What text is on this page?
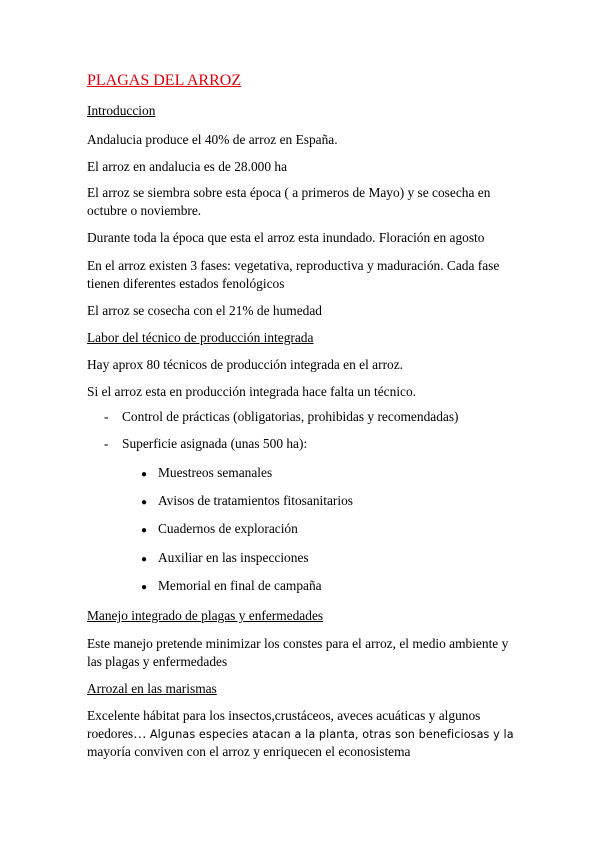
PLAGAS DEL ARROZ
Introduccion
Andalucia produce el 40% de arroz en España.
El arroz en andalucia es de 28.000 ha
El arroz se siembra sobre esta época ( a primeros de Mayo) y se cosecha en
octubre o noviembre.
Durante toda la época que esta el arroz esta inundado. Floración en agosto
En el arroz existen 3 fases: vegetativa, reproductiva y maduración. Cada fase
tienen diferentes estados fenológicos
El arroz se cosecha con el 21% de humedad
Labor del técnico de producción integrada
Hay aprox 80 técnicos de producción integrada en el arroz.
Si el arroz esta en producción integrada hace falta un técnico.
- Control de prácticas (obligatorias, prohibidas y recomendadas)
- Superficie asignada (unas 500 ha):
● Muestreos semanales
● Avisos de tratamientos fitosanitarios
● Cuadernos de exploración
● Auxiliar en las inspecciones
● Memorial en final de campaña
Manejo integrado de plagas y enfermedades
Este manejo pretende minimizar los constes para el arroz, el medio ambiente y
las plagas y enfermedades
Arrozal en las marismas
Excelente hábitat para los insectos,crustáceos, aveces acuáticas y algunos
roedores… Algunas especies atacan a la planta, otras son beneficiosas y la
mayoría conviven con el arroz y enriquecen el econosistema
